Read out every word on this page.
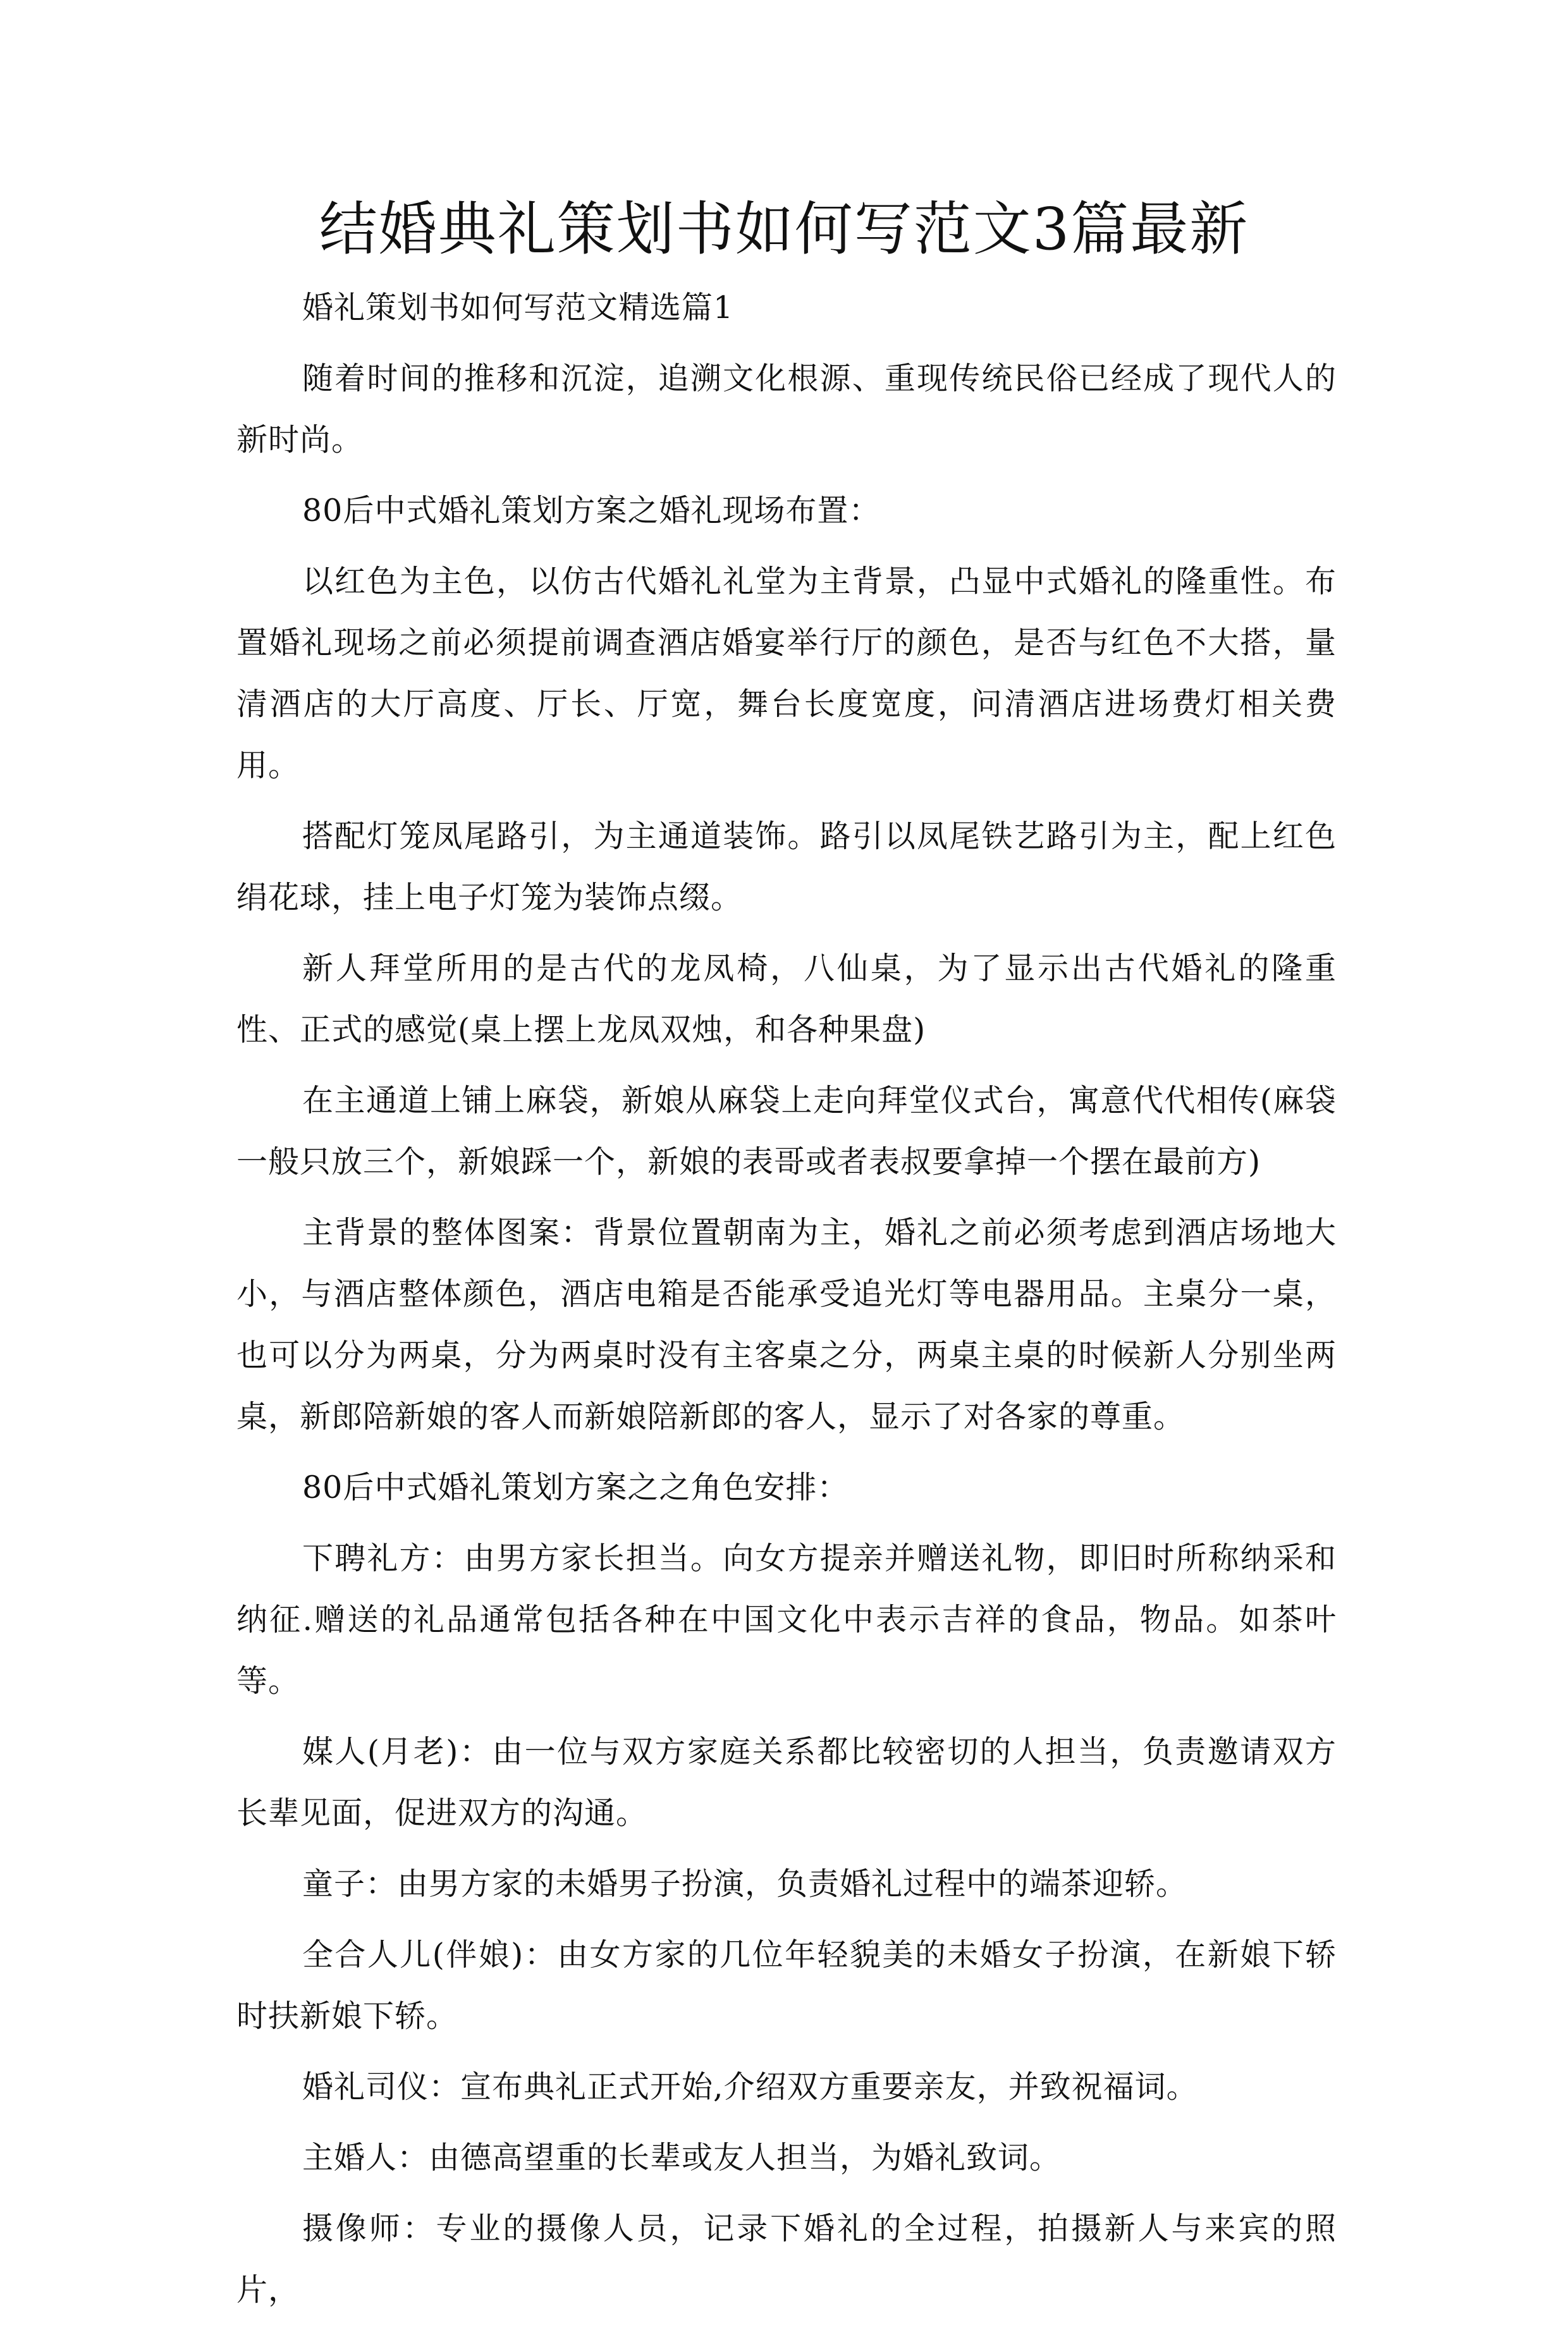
结婚典礼策划书如何写范文3篇最新

婚礼策划书如何写范文精选篇1

随着时间的推移和沉淀，追溯文化根源、重现传统民俗已经成了现代人的新时尚。

80后中式婚礼策划方案之婚礼现场布置：

以红色为主色，以仿古代婚礼礼堂为主背景，凸显中式婚礼的隆重性。布置婚礼现场之前必须提前调查酒店婚宴举行厅的颜色，是否与红色不大搭，量清酒店的大厅高度、厅长、厅宽，舞台长度宽度，问清酒店进场费灯相关费用。

搭配灯笼凤尾路引，为主通道装饰。路引以凤尾铁艺路引为主，配上红色绢花球，挂上电子灯笼为装饰点缀。

新人拜堂所用的是古代的龙凤椅，八仙桌，为了显示出古代婚礼的隆重性、正式的感觉(桌上摆上龙凤双烛，和各种果盘)

在主通道上铺上麻袋，新娘从麻袋上走向拜堂仪式台，寓意代代相传(麻袋一般只放三个，新娘踩一个，新娘的表哥或者表叔要拿掉一个摆在最前方)

主背景的整体图案：背景位置朝南为主，婚礼之前必须考虑到酒店场地大小，与酒店整体颜色，酒店电箱是否能承受追光灯等电器用品。主桌分一桌，也可以分为两桌，分为两桌时没有主客桌之分，两桌主桌的时候新人分别坐两桌，新郎陪新娘的客人而新娘陪新郎的客人，显示了对各家的尊重。

80后中式婚礼策划方案之之角色安排：

下聘礼方：由男方家长担当。向女方提亲并赠送礼物，即旧时所称纳采和纳征.赠送的礼品通常包括各种在中国文化中表示吉祥的食品，物品。如茶叶等。

媒人(月老)：由一位与双方家庭关系都比较密切的人担当，负责邀请双方长辈见面，促进双方的沟通。

童子：由男方家的未婚男子扮演，负责婚礼过程中的端茶迎轿。

全合人儿(伴娘)：由女方家的几位年轻貌美的未婚女子扮演，在新娘下轿时扶新娘下轿。

婚礼司仪：宣布典礼正式开始,介绍双方重要亲友，并致祝福词。

主婚人：由德高望重的长辈或友人担当，为婚礼致词。

摄像师：专业的摄像人员，记录下婚礼的全过程，拍摄新人与来宾的照片，
